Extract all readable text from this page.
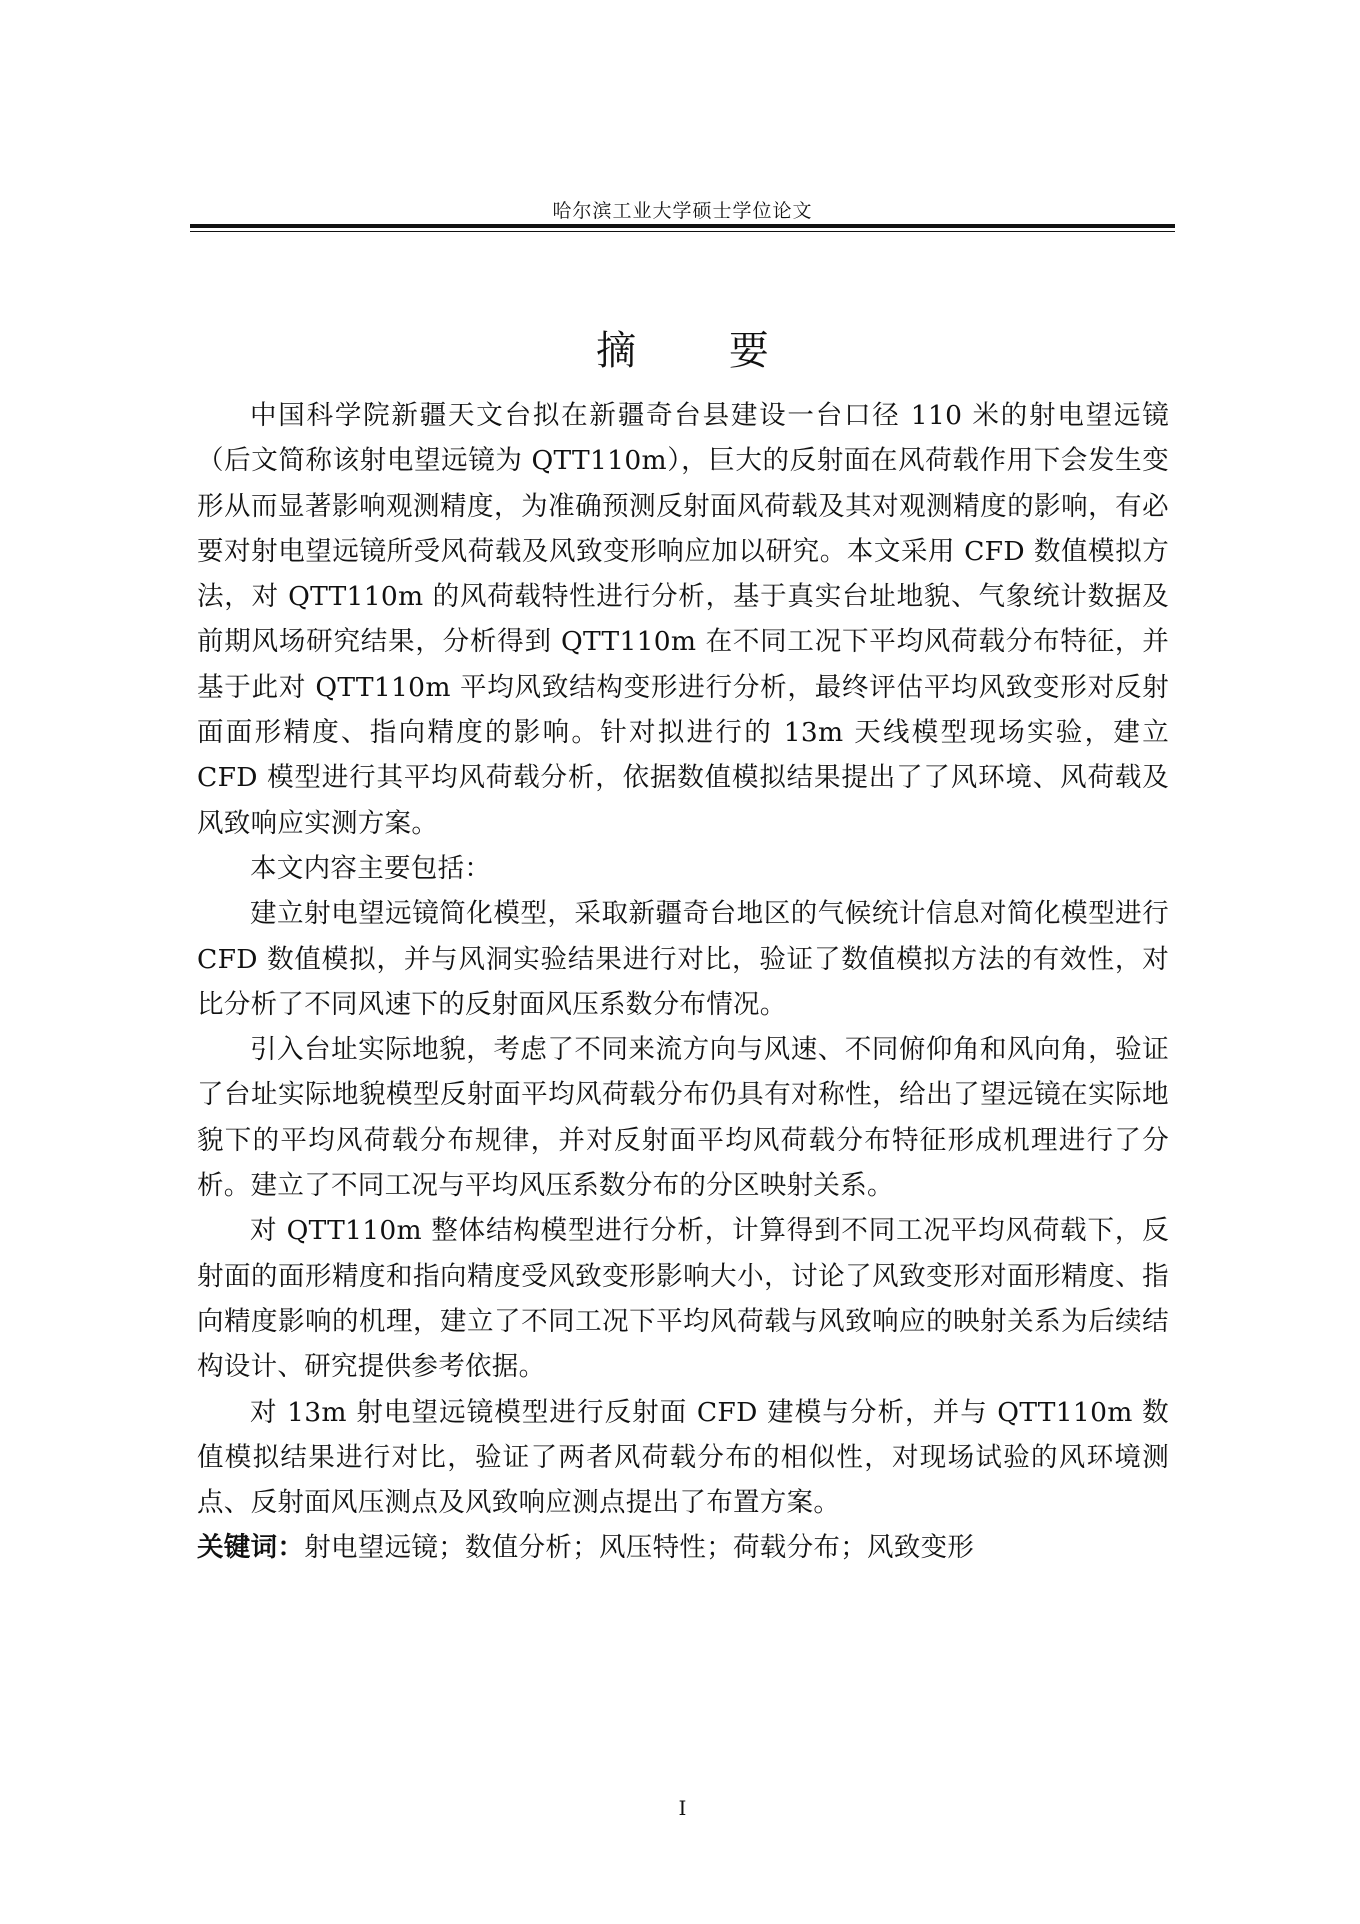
哈尔滨工业大学硕士学位论文
摘 要

中国科学院新疆天文台拟在新疆奇台县建设一台口径 110 米的射电望远镜（后文简称该射电望远镜为 QTT110m），巨大的反射面在风荷载作用下会发生变形从而显著影响观测精度，为准确预测反射面风荷载及其对观测精度的影响，有必要对射电望远镜所受风荷载及风致变形响应加以研究。本文采用 CFD 数值模拟方法，对 QTT110m 的风荷载特性进行分析，基于真实台址地貌、气象统计数据及前期风场研究结果，分析得到 QTT110m 在不同工况下平均风荷载分布特征，并基于此对 QTT110m 平均风致结构变形进行分析，最终评估平均风致变形对反射面面形精度、指向精度的影响。针对拟进行的 13m 天线模型现场实验，建立 CFD 模型进行其平均风荷载分析，依据数值模拟结果提出了了风环境、风荷载及风致响应实测方案。

本文内容主要包括：

建立射电望远镜简化模型，采取新疆奇台地区的气候统计信息对简化模型进行 CFD 数值模拟，并与风洞实验结果进行对比，验证了数值模拟方法的有效性，对比分析了不同风速下的反射面风压系数分布情况。

引入台址实际地貌，考虑了不同来流方向与风速、不同俯仰角和风向角，验证了台址实际地貌模型反射面平均风荷载分布仍具有对称性，给出了望远镜在实际地貌下的平均风荷载分布规律，并对反射面平均风荷载分布特征形成机理进行了分析。建立了不同工况与平均风压系数分布的分区映射关系。

对 QTT110m 整体结构模型进行分析，计算得到不同工况平均风荷载下，反射面的面形精度和指向精度受风致变形影响大小，讨论了风致变形对面形精度、指向精度影响的机理，建立了不同工况下平均风荷载与风致响应的映射关系为后续结构设计、研究提供参考依据。

对 13m 射电望远镜模型进行反射面 CFD 建模与分析，并与 QTT110m 数值模拟结果进行对比，验证了两者风荷载分布的相似性，对现场试验的风环境测点、反射面风压测点及风致响应测点提出了布置方案。

关键词：射电望远镜；数值分析；风压特性；荷载分布；风致变形

I
